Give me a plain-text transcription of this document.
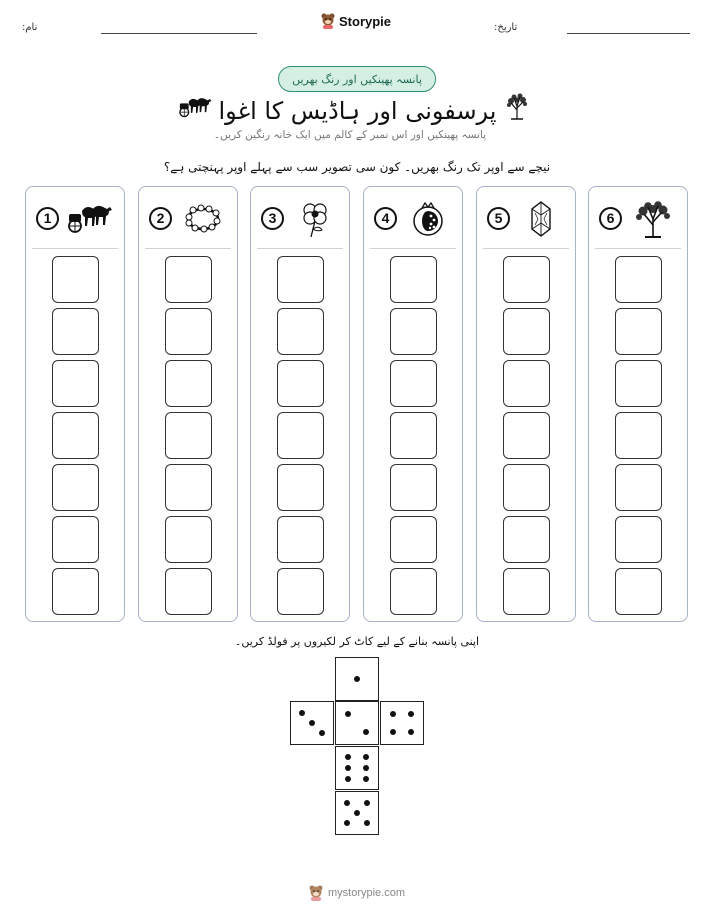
نام:	Storypie	تاریخ:
پانسہ پھینکیں اور رنگ بھریں
پرسفونی اور ہاڈیس کا اغوا
پانسہ پھینکیں اور اس نمبر کے کالم میں ایک خانہ رنگین کریں۔
نیچے سے اوپر تک رنگ بھریں۔ کون سی تصویر سب سے پہلے اوپر پہنچتی ہے؟
1	2	3	4	5	6
اپنی پانسہ بنانے کے لیے کاٹ کر لکیروں پر فولڈ کریں۔
mystorypie.com
